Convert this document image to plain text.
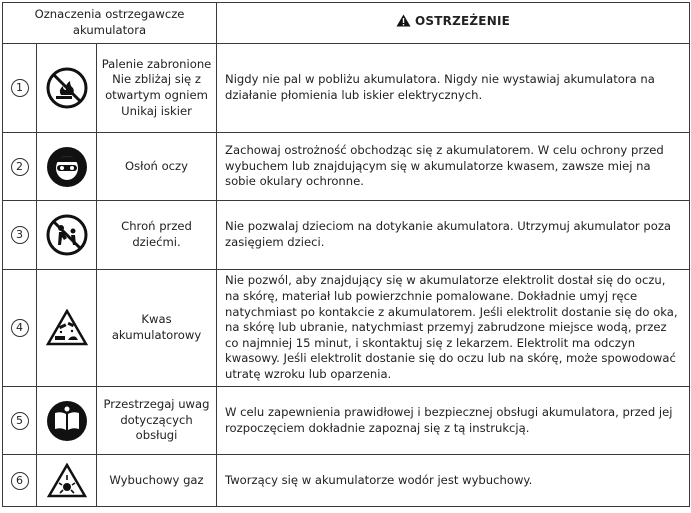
Oznaczenia ostrzegawcze akumulatora			OSTRZEŻENIE
1		Palenie zabronione Nie zbliżaj się z otwartym ogniem Unikaj iskier	Nigdy nie pal w pobliżu akumulatora. Nigdy nie wystawiaj akumulatora na działanie płomienia lub iskier elektrycznych.
2		Osłoń oczy	Zachowaj ostrożność obchodząc się z akumulatorem. W celu ochrony przed wybuchem lub znajdującym się w akumulatorze kwasem, zawsze miej na sobie okulary ochronne.
3		Chroń przed dziećmi.	Nie pozwalaj dzieciom na dotykanie akumulatora. Utrzymuj akumulator poza zasięgiem dzieci.
4		Kwas akumulatorowy	Nie pozwól, aby znajdujący się w akumulatorze elektrolit dostał się do oczu, na skórę, materiał lub powierzchnie pomalowane. Dokładnie umyj ręce natychmiast po kontakcie z akumulatorem. Jeśli elektrolit dostanie się do oka, na skórę lub ubranie, natychmiast przemyj zabrudzone miejsce wodą, przez co najmniej 15 minut, i skontaktuj się z lekarzem. Elektrolit ma odczyn kwasowy. Jeśli elektrolit dostanie się do oczu lub na skórę, może spowodować utratę wzroku lub oparzenia.
5		Przestrzegaj uwag dotyczących obsługi	W celu zapewnienia prawidłowej i bezpiecznej obsługi akumulatora, przed jej rozpoczęciem dokładnie zapoznaj się z tą instrukcją.
6		Wybuchowy gaz	Tworzący się w akumulatorze wodór jest wybuchowy.
